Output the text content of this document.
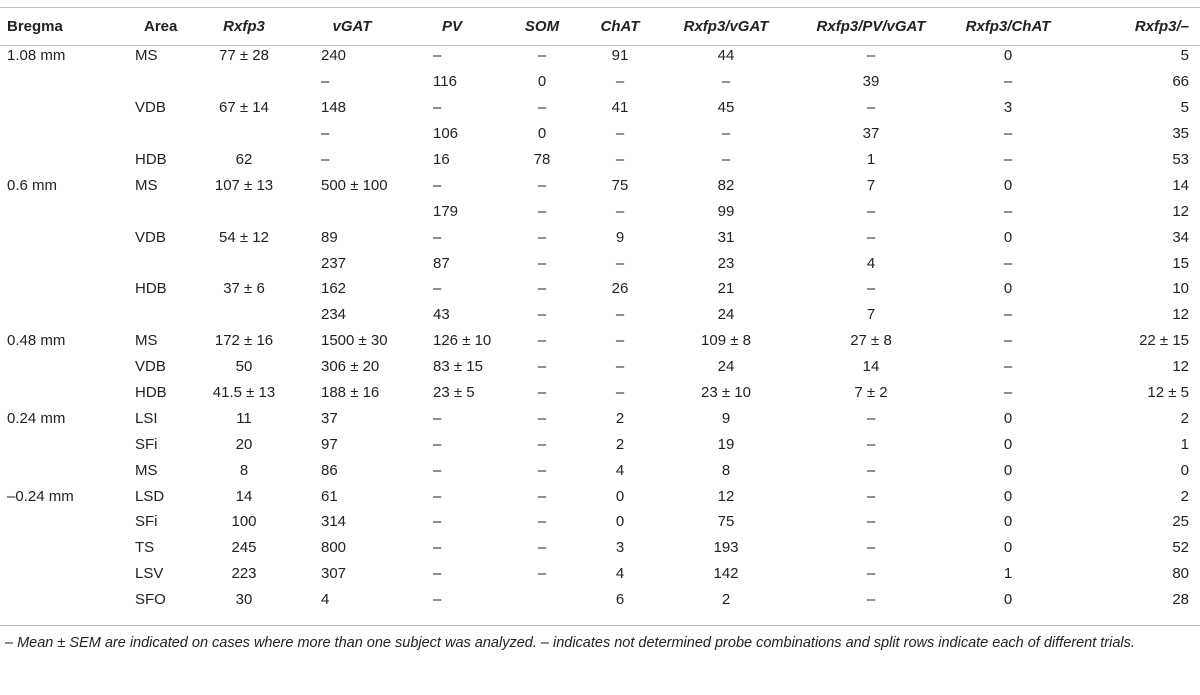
Bregma	Area	Rxfp3	vGAT	PV	SOM	ChAT	Rxfp3/vGAT	Rxfp3/PV/vGAT	Rxfp3/ChAT	Rxfp3/–
1.08 mm	MS	77 ± 28	240	–	–	91	44	–	0	5
			–	116	0	–	–	39	–	66
	VDB	67 ± 14	148	–	–	41	45	–	3	5
			–	106	0	–	–	37	–	35
	HDB	62	–	16	78	–	–	1	–	53
0.6 mm	MS	107 ± 13	500 ± 100	–	–	75	82	7	0	14
				179	–	–	99	–	–	12
	VDB	54 ± 12	89	–	–	9	31	–	0	34
			237	87	–	–	23	4	–	15
	HDB	37 ± 6	162	–	–	26	21	–	0	10
			234	43	–	–	24	7	–	12
0.48 mm	MS	172 ± 16	1500 ± 30	126 ± 10	–	–	109 ± 8	27 ± 8	–	22 ± 15
	VDB	50	306 ± 20	83 ± 15	–	–	24	14	–	12
	HDB	41.5 ± 13	188 ± 16	23 ± 5	–	–	23 ± 10	7 ± 2	–	12 ± 5
0.24 mm	LSI	11	37	–	–	2	9	–	0	2
	SFi	20	97	–	–	2	19	–	0	1
	MS	8	86	–	–	4	8	–	0	0
–0.24 mm	LSD	14	61	–	–	0	12	–	0	2
	SFi	100	314	–	–	0	75	–	0	25
	TS	245	800	–	–	3	193	–	0	52
	LSV	223	307	–	–	4	142	–	1	80
	SFO	30	4	–		6	2	–	0	28
– Mean ± SEM are indicated on cases where more than one subject was analyzed. – indicates not determined probe combinations and split rows indicate each of different trials.
